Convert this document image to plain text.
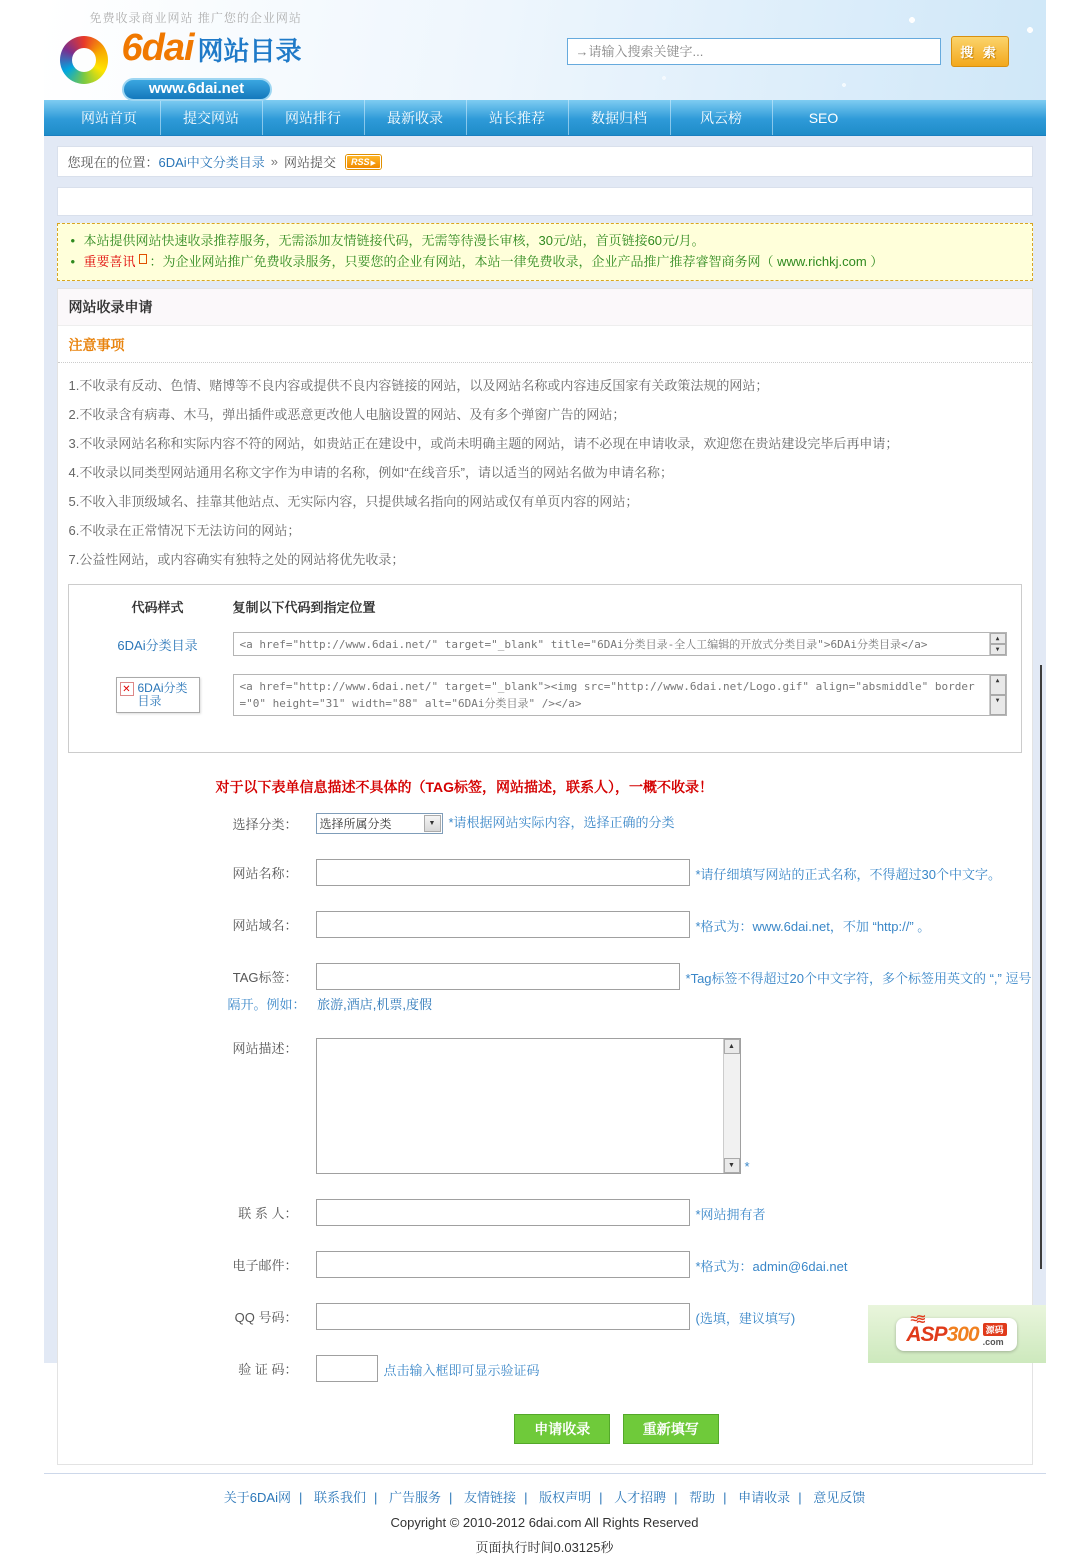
免费收录商业网站 推广您的企业网站
6dai 网站目录
www.6dai.net
→请输入搜索关键字...
搜 索
网站首页	提交网站	网站排行	最新收录	站长推荐	数据归档	风云榜	SEO
您现在的位置： 6DAi中文分类目录 » 网站提交	RSS ▶
• 本站提供网站快速收录推荐服务，无需添加友情链接代码，无需等待漫长审核，30元/站，首页链接60元/月。
• 重要喜讯 ：为企业网站推广免费收录服务，只要您的企业有网站，本站一律免费收录，企业产品推广推荐睿智商务网（ www.richkj.com ）
网站收录申请
注意事项
1.不收录有反动、色情、赌博等不良内容或提供不良内容链接的网站，以及网站名称或内容违反国家有关政策法规的网站；
2.不收录含有病毒、木马，弹出插件或恶意更改他人电脑设置的网站、及有多个弹窗广告的网站；
3.不收录网站名称和实际内容不符的网站，如贵站正在建设中，或尚未明确主题的网站，请不必现在申请收录，欢迎您在贵站建设完毕后再申请；
4.不收录以同类型网站通用名称文字作为申请的名称，例如“在线音乐”，请以适当的网站名做为申请名称；
5.不收入非顶级域名、挂靠其他站点、无实际内容，只提供域名指向的网站或仅有单页内容的网站；
6.不收录在正常情况下无法访问的网站；
7.公益性网站，或内容确实有独特之处的网站将优先收录；
代码样式	复制以下代码到指定位置
6DAi分类目录	<a href="http://www.6dai.net/" target="_blank" title="6DAi分类目录-全人工编辑的开放式分类目录">6DAi分类目录</a>
▲
▼
✕
6DAi分类目录
<a href="http://www.6dai.net/" target="_blank"><img src="http://www.6dai.net/Logo.gif" align="absmiddle" border="0" height="31" width="88" alt="6DAi分类目录" /></a>
▲
▼
对于以下表单信息描述不具体的（TAG标签，网站描述，联系人），一概不收录！
选择分类： 选择所属分类 ▼	*请根据网站实际内容，选择正确的分类
网站名称：	*请仔细填写网站的正式名称，不得超过30个中文字。
网站域名：	*格式为：www.6dai.net，不加 “http://” 。
TAG标签：	*Tag标签不得超过20个中文字符，多个标签用英文的 “,” 逗号
隔开。例如： 旅游,酒店,机票,度假
网站描述：
▲
▼
*
联 系 人：	*网站拥有者
电子邮件：	*格式为：admin@6dai.net
QQ 号码：	(选填，建议填写)
验 证 码：	点击输入框即可显示验证码
申请收录	重新填写
关于6DAi网 | 联系我们 | 广告服务 | 友情链接 | 版权声明 | 人才招聘 | 帮助 | 申请收录 | 意见反馈
Copyright © 2010-2012 6dai.com All Rights Reserved
页面执行时间0.03125秒
≈≋
ASP 300 源码
.com
